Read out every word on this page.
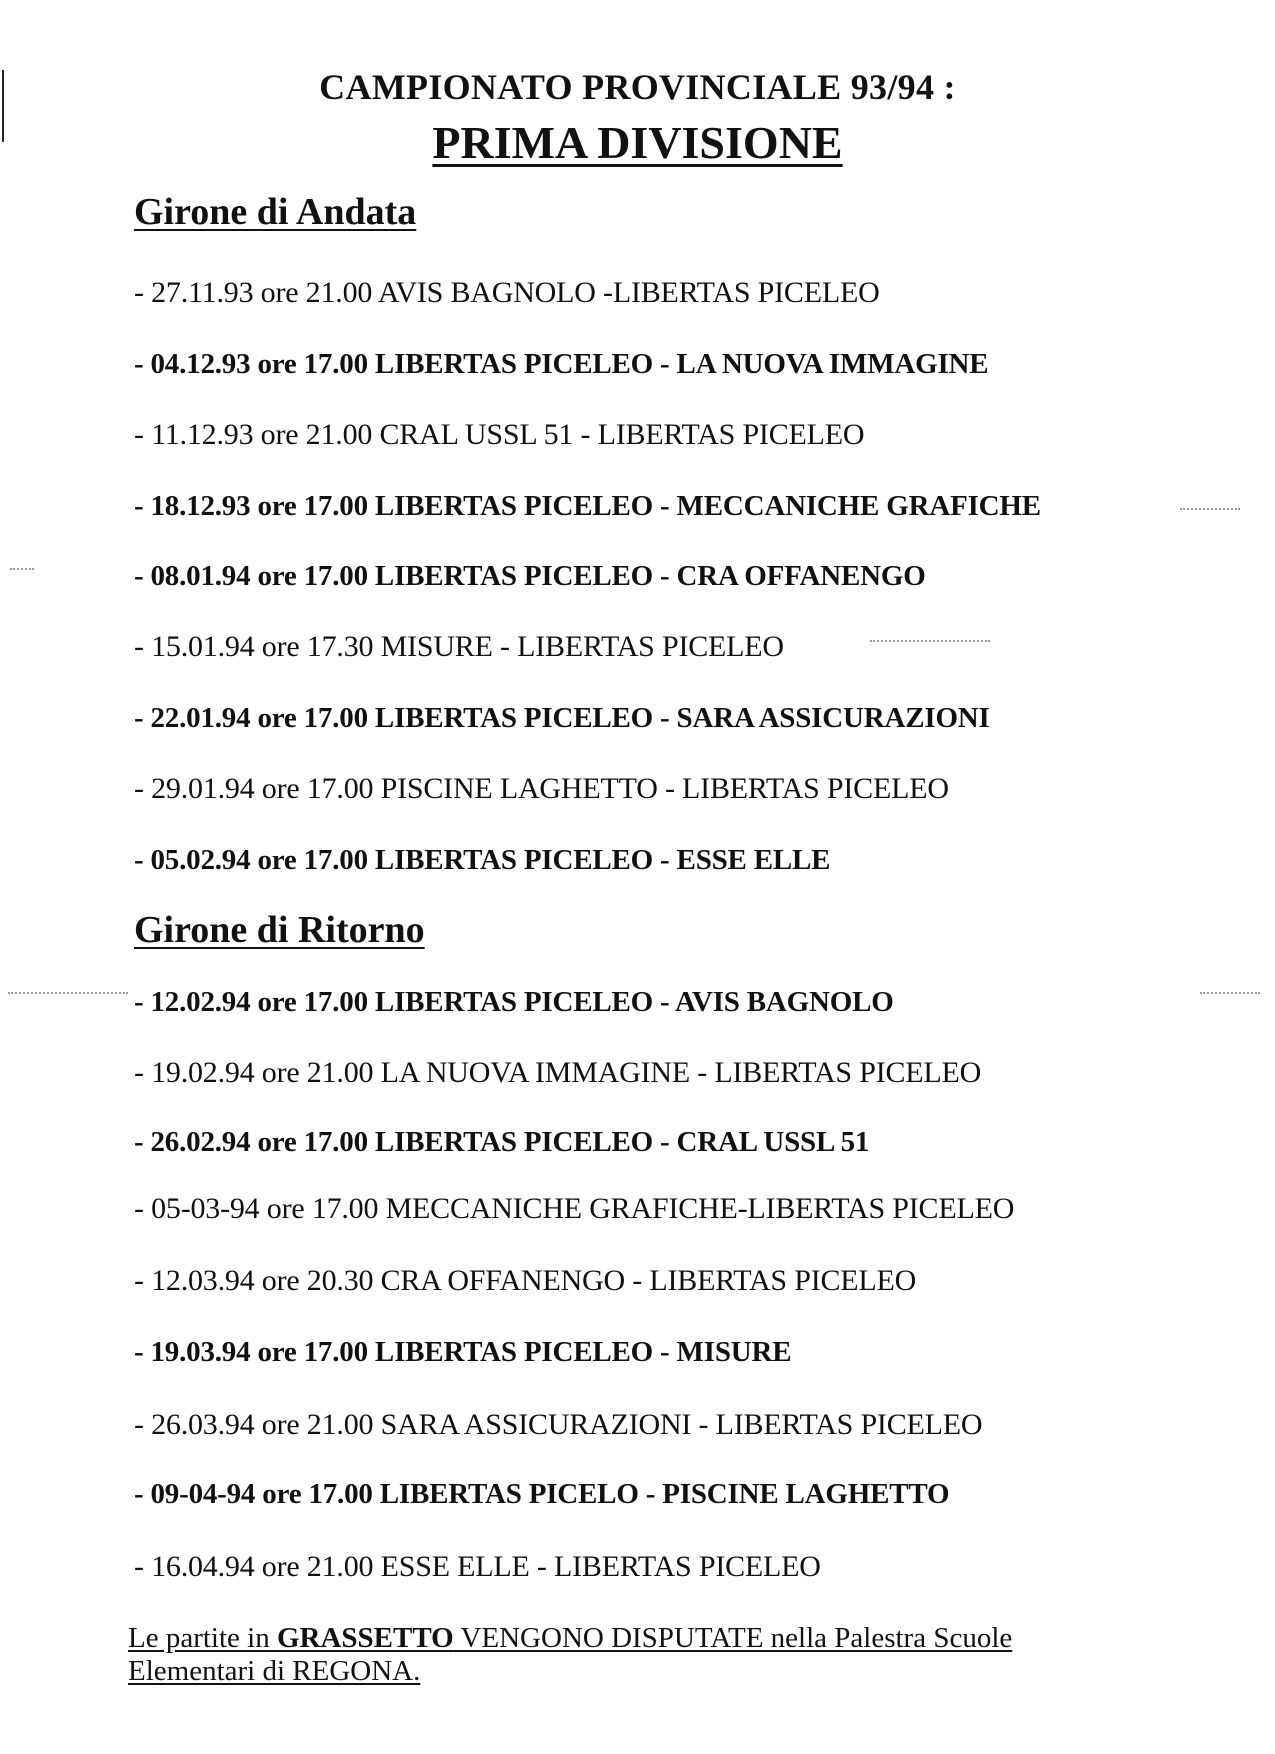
CAMPIONATO PROVINCIALE 93/94 :
PRIMA DIVISIONE
Girone di Andata
- 27.11.93 ore 21.00 AVIS BAGNOLO -LIBERTAS PICELEO
- 04.12.93 ore 17.00 LIBERTAS PICELEO - LA NUOVA IMMAGINE
- 11.12.93 ore 21.00 CRAL USSL 51 - LIBERTAS PICELEO
- 18.12.93 ore 17.00 LIBERTAS PICELEO - MECCANICHE GRAFICHE
- 08.01.94 ore 17.00 LIBERTAS PICELEO - CRA OFFANENGO
- 15.01.94 ore 17.30 MISURE - LIBERTAS PICELEO
- 22.01.94 ore 17.00 LIBERTAS PICELEO - SARA ASSICURAZIONI
- 29.01.94 ore 17.00 PISCINE LAGHETTO - LIBERTAS PICELEO
- 05.02.94 ore 17.00 LIBERTAS PICELEO - ESSE ELLE
Girone di Ritorno
- 12.02.94 ore 17.00 LIBERTAS PICELEO - AVIS BAGNOLO
- 19.02.94 ore 21.00 LA NUOVA IMMAGINE - LIBERTAS PICELEO
- 26.02.94 ore 17.00 LIBERTAS PICELEO - CRAL USSL 51
- 05-03-94 ore 17.00 MECCANICHE GRAFICHE-LIBERTAS PICELEO
- 12.03.94 ore 20.30 CRA OFFANENGO - LIBERTAS PICELEO
- 19.03.94 ore 17.00 LIBERTAS PICELEO - MISURE
- 26.03.94 ore 21.00 SARA ASSICURAZIONI - LIBERTAS PICELEO
- 09-04-94 ore 17.00 LIBERTAS PICELO - PISCINE LAGHETTO
- 16.04.94 ore 21.00 ESSE ELLE - LIBERTAS PICELEO
Le partite in GRASSETTO VENGONO DISPUTATE nella Palestra Scuole
Elementari di REGONA.
